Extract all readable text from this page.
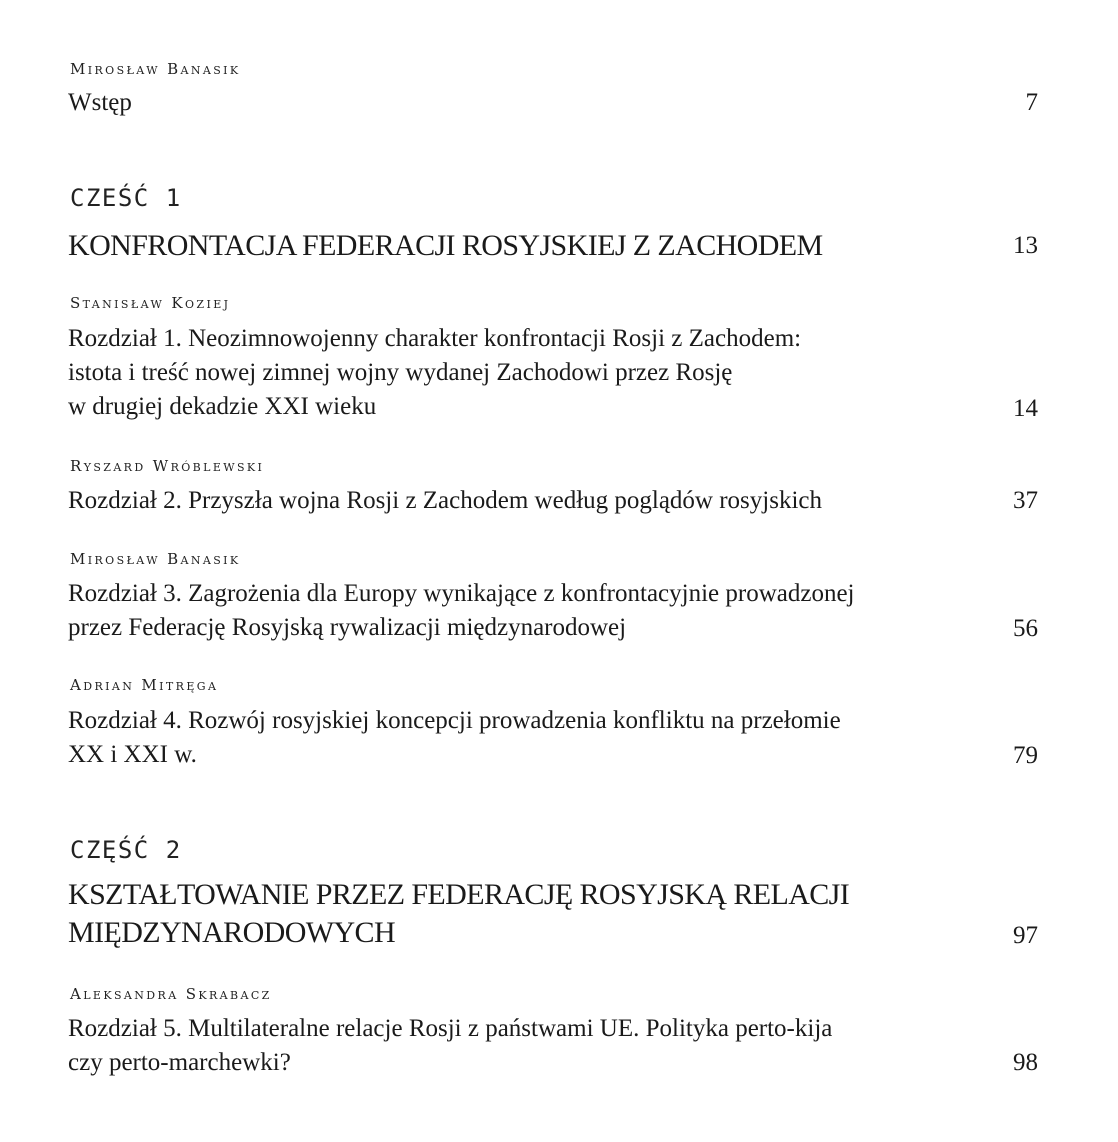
Mirosław Banasik
Wstęp	7
CZEŚĆ 1
KONFRONTACJA FEDERACJI ROSYJSKIEJ Z ZACHODEM	13
Stanisław Koziej
Rozdział 1. Neozimnowojenny charakter konfrontacji Rosji z Zachodem:
istota i treść nowej zimnej wojny wydanej Zachodowi przez Rosję
w drugiej dekadzie XXI wieku	14
Ryszard Wróblewski
Rozdział 2. Przyszła wojna Rosji z Zachodem według poglądów rosyjskich	37
Mirosław Banasik
Rozdział 3. Zagrożenia dla Europy wynikające z konfrontacyjnie prowadzonej
przez Federację Rosyjską rywalizacji międzynarodowej	56
Adrian Mitręga
Rozdział 4. Rozwój rosyjskiej koncepcji prowadzenia konfliktu na przełomie
XX i XXI w.	79
CZĘŚĆ 2
KSZTAŁTOWANIE PRZEZ FEDERACJĘ ROSYJSKĄ RELACJI
MIĘDZYNARODOWYCH	97
Aleksandra Skrabacz
Rozdział 5. Multilateralne relacje Rosji z państwami UE. Polityka perto-kija
czy perto-marchewki?	98
